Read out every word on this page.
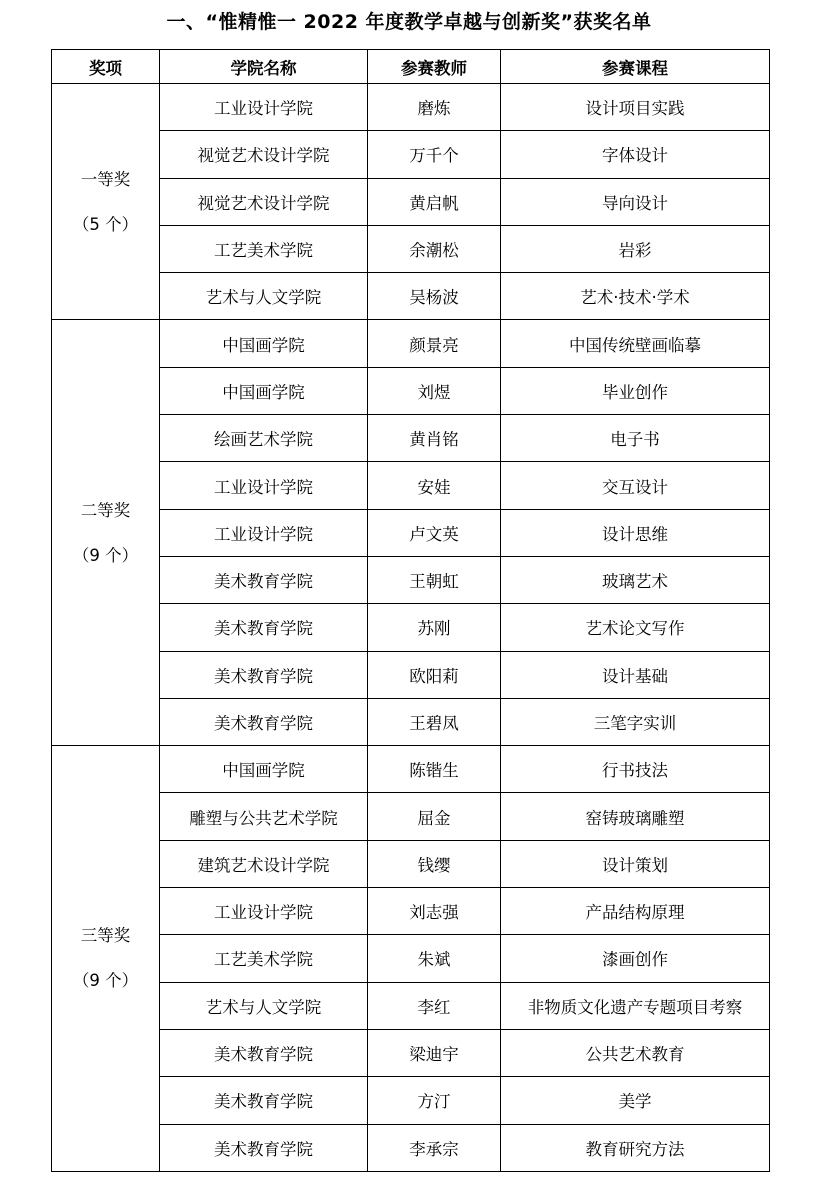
一、“惟精惟一 2022 年度教学卓越与创新奖”获奖名单
奖项	学院名称	参赛教师	参赛课程

一等奖
（5 个）	工业设计学院	磨炼	设计项目实践
	视觉艺术设计学院	万千个	字体设计
	视觉艺术设计学院	黄启帆	导向设计
	工艺美术学院	余潮松	岩彩
	艺术与人文学院	吴杨波	艺术·技术·学术

二等奖
（9 个）	中国画学院	颜景亮	中国传统壁画临摹
	中国画学院	刘煜	毕业创作
	绘画艺术学院	黄肖铭	电子书
	工业设计学院	安娃	交互设计
	工业设计学院	卢文英	设计思维
	美术教育学院	王朝虹	玻璃艺术
	美术教育学院	苏刚	艺术论文写作
	美术教育学院	欧阳莉	设计基础
	美术教育学院	王碧凤	三笔字实训

三等奖
（9 个）	中国画学院	陈锴生	行书技法
	雕塑与公共艺术学院	屈金	窑铸玻璃雕塑
	建筑艺术设计学院	钱缨	设计策划
	工业设计学院	刘志强	产品结构原理
	工艺美术学院	朱斌	漆画创作
	艺术与人文学院	李红	非物质文化遗产专题项目考察
	美术教育学院	梁迪宇	公共艺术教育
	美术教育学院	方汀	美学
	美术教育学院	李承宗	教育研究方法
